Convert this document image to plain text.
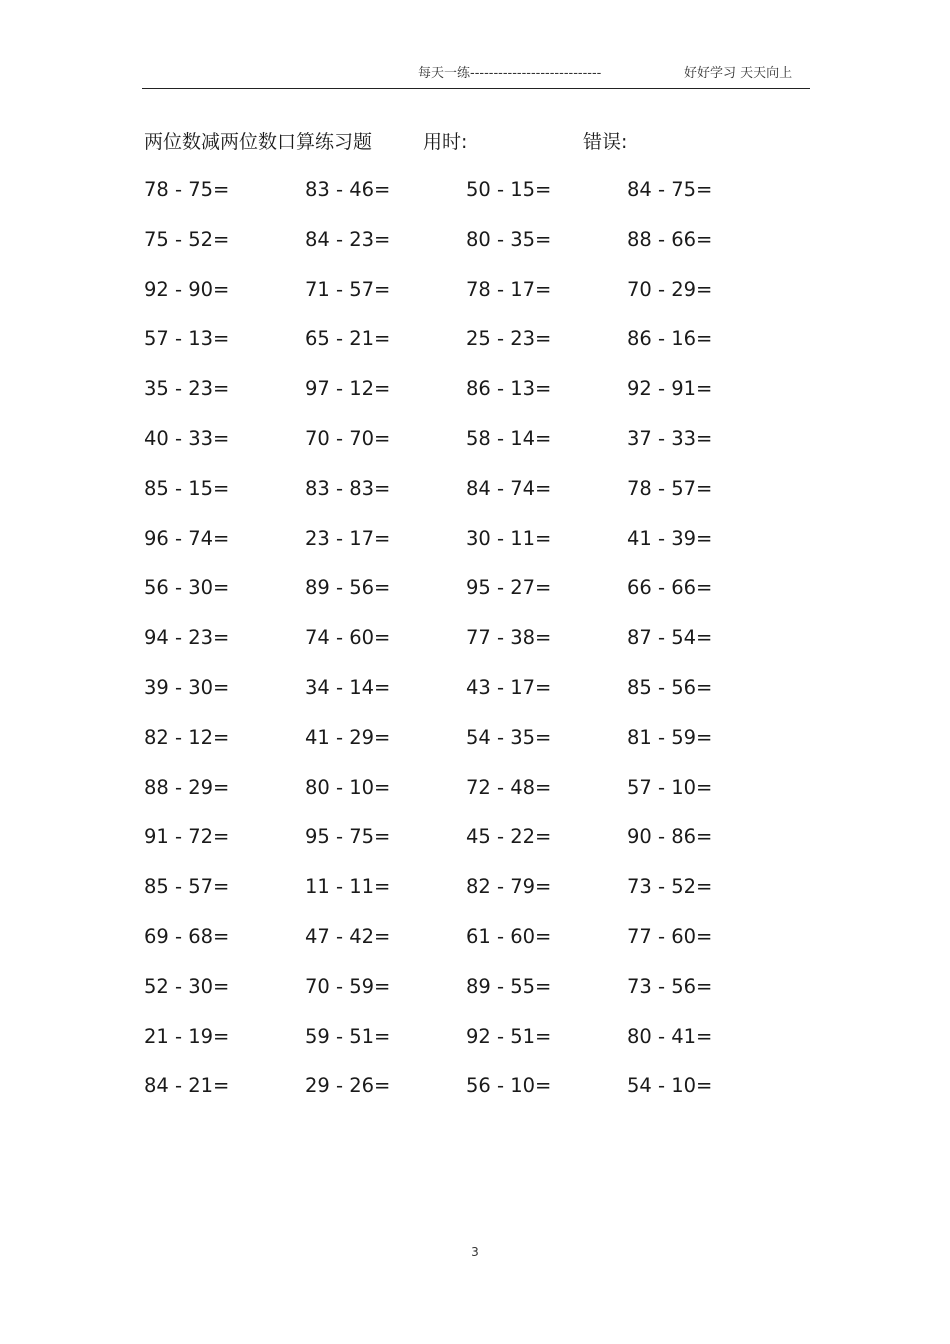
每天一练----------------------------	好好学习 天天向上
两位数减两位数口算练习题	用时:	错误:
78 - 75=	83 - 46=	50 - 15=	84 - 75=
75 - 52=	84 - 23=	80 - 35=	88 - 66=
92 - 90=	71 - 57=	78 - 17=	70 - 29=
57 - 13=	65 - 21=	25 - 23=	86 - 16=
35 - 23=	97 - 12=	86 - 13=	92 - 91=
40 - 33=	70 - 70=	58 - 14=	37 - 33=
85 - 15=	83 - 83=	84 - 74=	78 - 57=
96 - 74=	23 - 17=	30 - 11=	41 - 39=
56 - 30=	89 - 56=	95 - 27=	66 - 66=
94 - 23=	74 - 60=	77 - 38=	87 - 54=
39 - 30=	34 - 14=	43 - 17=	85 - 56=
82 - 12=	41 - 29=	54 - 35=	81 - 59=
88 - 29=	80 - 10=	72 - 48=	57 - 10=
91 - 72=	95 - 75=	45 - 22=	90 - 86=
85 - 57=	11 - 11=	82 - 79=	73 - 52=
69 - 68=	47 - 42=	61 - 60=	77 - 60=
52 - 30=	70 - 59=	89 - 55=	73 - 56=
21 - 19=	59 - 51=	92 - 51=	80 - 41=
84 - 21=	29 - 26=	56 - 10=	54 - 10=
3
